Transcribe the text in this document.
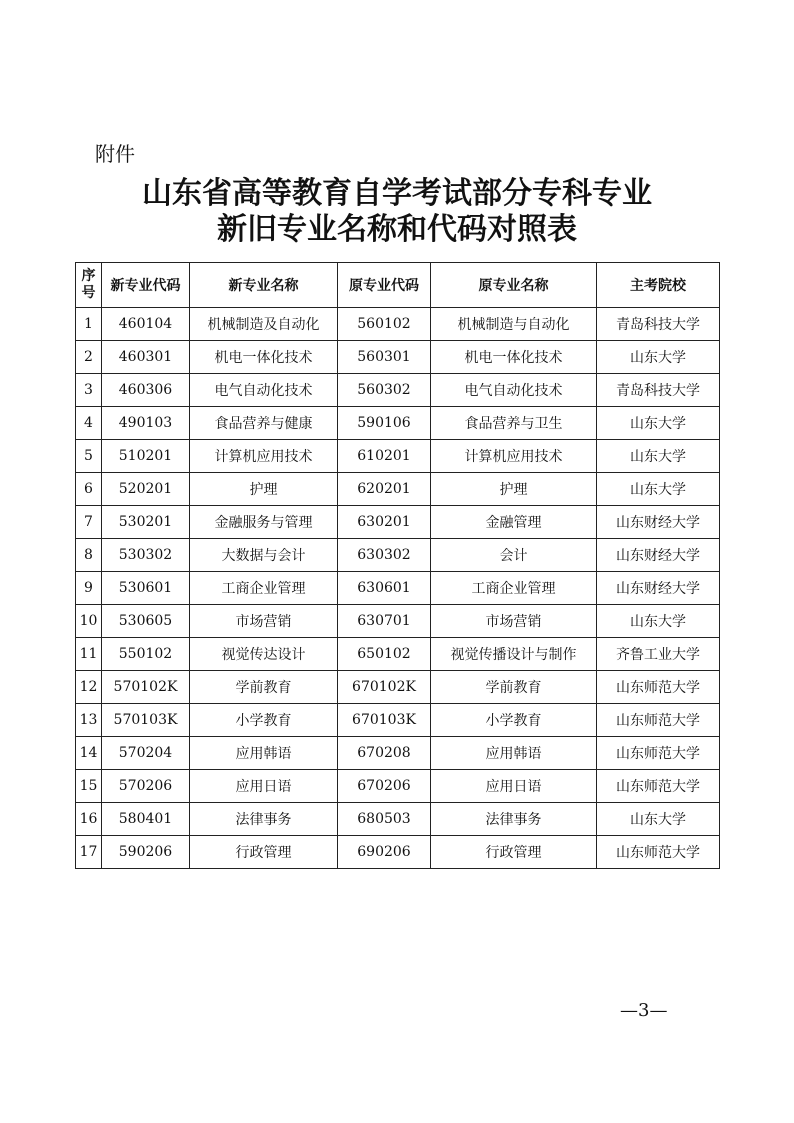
附件
山东省高等教育自学考试部分专科专业
新旧专业名称和代码对照表
序号	新专业代码	新专业名称	原专业代码	原专业名称	主考院校
1	460104	机械制造及自动化	560102	机械制造与自动化	青岛科技大学
2	460301	机电一体化技术	560301	机电一体化技术	山东大学
3	460306	电气自动化技术	560302	电气自动化技术	青岛科技大学
4	490103	食品营养与健康	590106	食品营养与卫生	山东大学
5	510201	计算机应用技术	610201	计算机应用技术	山东大学
6	520201	护理	620201	护理	山东大学
7	530201	金融服务与管理	630201	金融管理	山东财经大学
8	530302	大数据与会计	630302	会计	山东财经大学
9	530601	工商企业管理	630601	工商企业管理	山东财经大学
10	530605	市场营销	630701	市场营销	山东大学
11	550102	视觉传达设计	650102	视觉传播设计与制作	齐鲁工业大学
12	570102K	学前教育	670102K	学前教育	山东师范大学
13	570103K	小学教育	670103K	小学教育	山东师范大学
14	570204	应用韩语	670208	应用韩语	山东师范大学
15	570206	应用日语	670206	应用日语	山东师范大学
16	580401	法律事务	680503	法律事务	山东大学
17	590206	行政管理	690206	行政管理	山东师范大学
—3—
